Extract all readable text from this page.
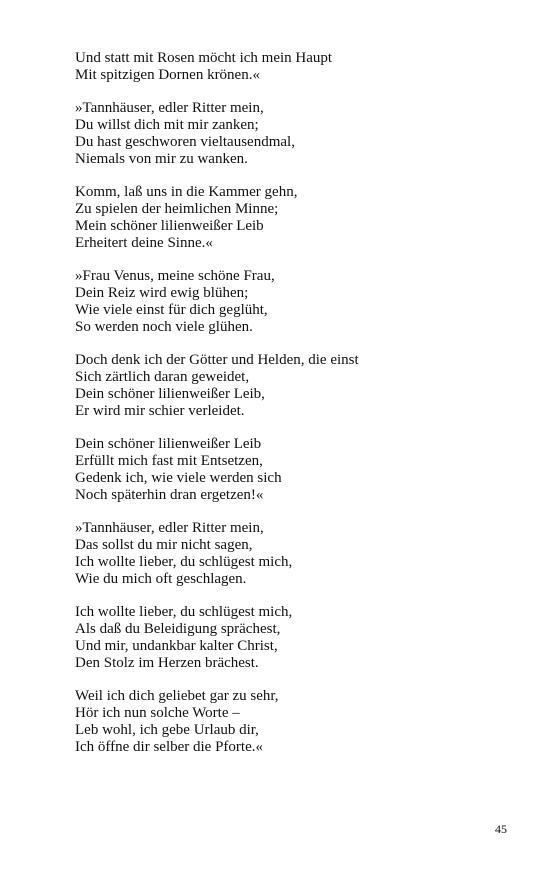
Und statt mit Rosen möcht ich mein Haupt
Mit spitzigen Dornen krönen.«
»Tannhäuser, edler Ritter mein,
Du willst dich mit mir zanken;
Du hast geschworen vieltausendmal,
Niemals von mir zu wanken.
Komm, laß uns in die Kammer gehn,
Zu spielen der heimlichen Minne;
Mein schöner lilienweißer Leib
Erheitert deine Sinne.«
»Frau Venus, meine schöne Frau,
Dein Reiz wird ewig blühen;
Wie viele einst für dich geglüht,
So werden noch viele glühen.
Doch denk ich der Götter und Helden, die einst
Sich zärtlich daran geweidet,
Dein schöner lilienweißer Leib,
Er wird mir schier verleidet.
Dein schöner lilienweißer Leib
Erfüllt mich fast mit Entsetzen,
Gedenk ich, wie viele werden sich
Noch späterhin dran ergetzen!«
»Tannhäuser, edler Ritter mein,
Das sollst du mir nicht sagen,
Ich wollte lieber, du schlügest mich,
Wie du mich oft geschlagen.
Ich wollte lieber, du schlügest mich,
Als daß du Beleidigung sprächest,
Und mir, undankbar kalter Christ,
Den Stolz im Herzen brächest.
Weil ich dich geliebet gar zu sehr,
Hör ich nun solche Worte –
Leb wohl, ich gebe Urlaub dir,
Ich öffne dir selber die Pforte.«
45
